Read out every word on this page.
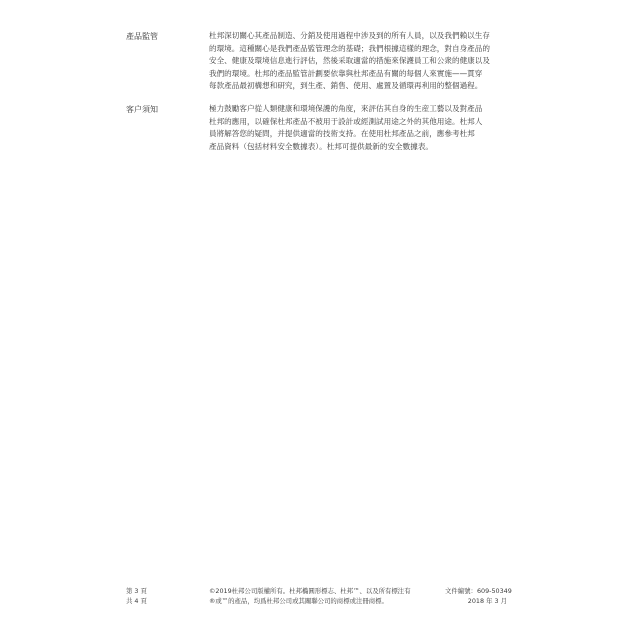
產品監管	杜邦深切關心其產品制造、分銷及使用過程中涉及到的所有人員，以及我們賴以生存
的環境。這種關心是我們產品監管理念的基礎；我們根據這樣的理念，對自身產品的
安全、健康及環境信息進行評估，然後采取適當的措施來保護員工和公衆的健康以及
我們的環境。杜邦的產品監管計劃要依靠與杜邦產品有關的每個人來實施——貫穿
每款產品最初構想和研究，到生產、銷售、使用、處置及循環再利用的整個過程。

客户須知	極力鼓勵客户從人類健康和環境保護的角度，來評估其自身的生産工藝以及對產品
杜邦的應用，以確保杜邦產品不被用于設計或經測試用途之外的其他用途。杜邦人
員將解答您的疑問，并提供適當的技術支持。在使用杜邦產品之前，應參考杜邦
產品資料（包括材料安全數據表）。杜邦可提供最新的安全數據表。

第 3 頁
共 4 頁
©2019杜邦公司版權所有。杜邦橢圓形標志、杜邦™、以及所有標注有
®或™的產品，均爲杜邦公司或其關聯公司的商標或注冊商標。
文件編號：609-50349
2018 年 3 月
